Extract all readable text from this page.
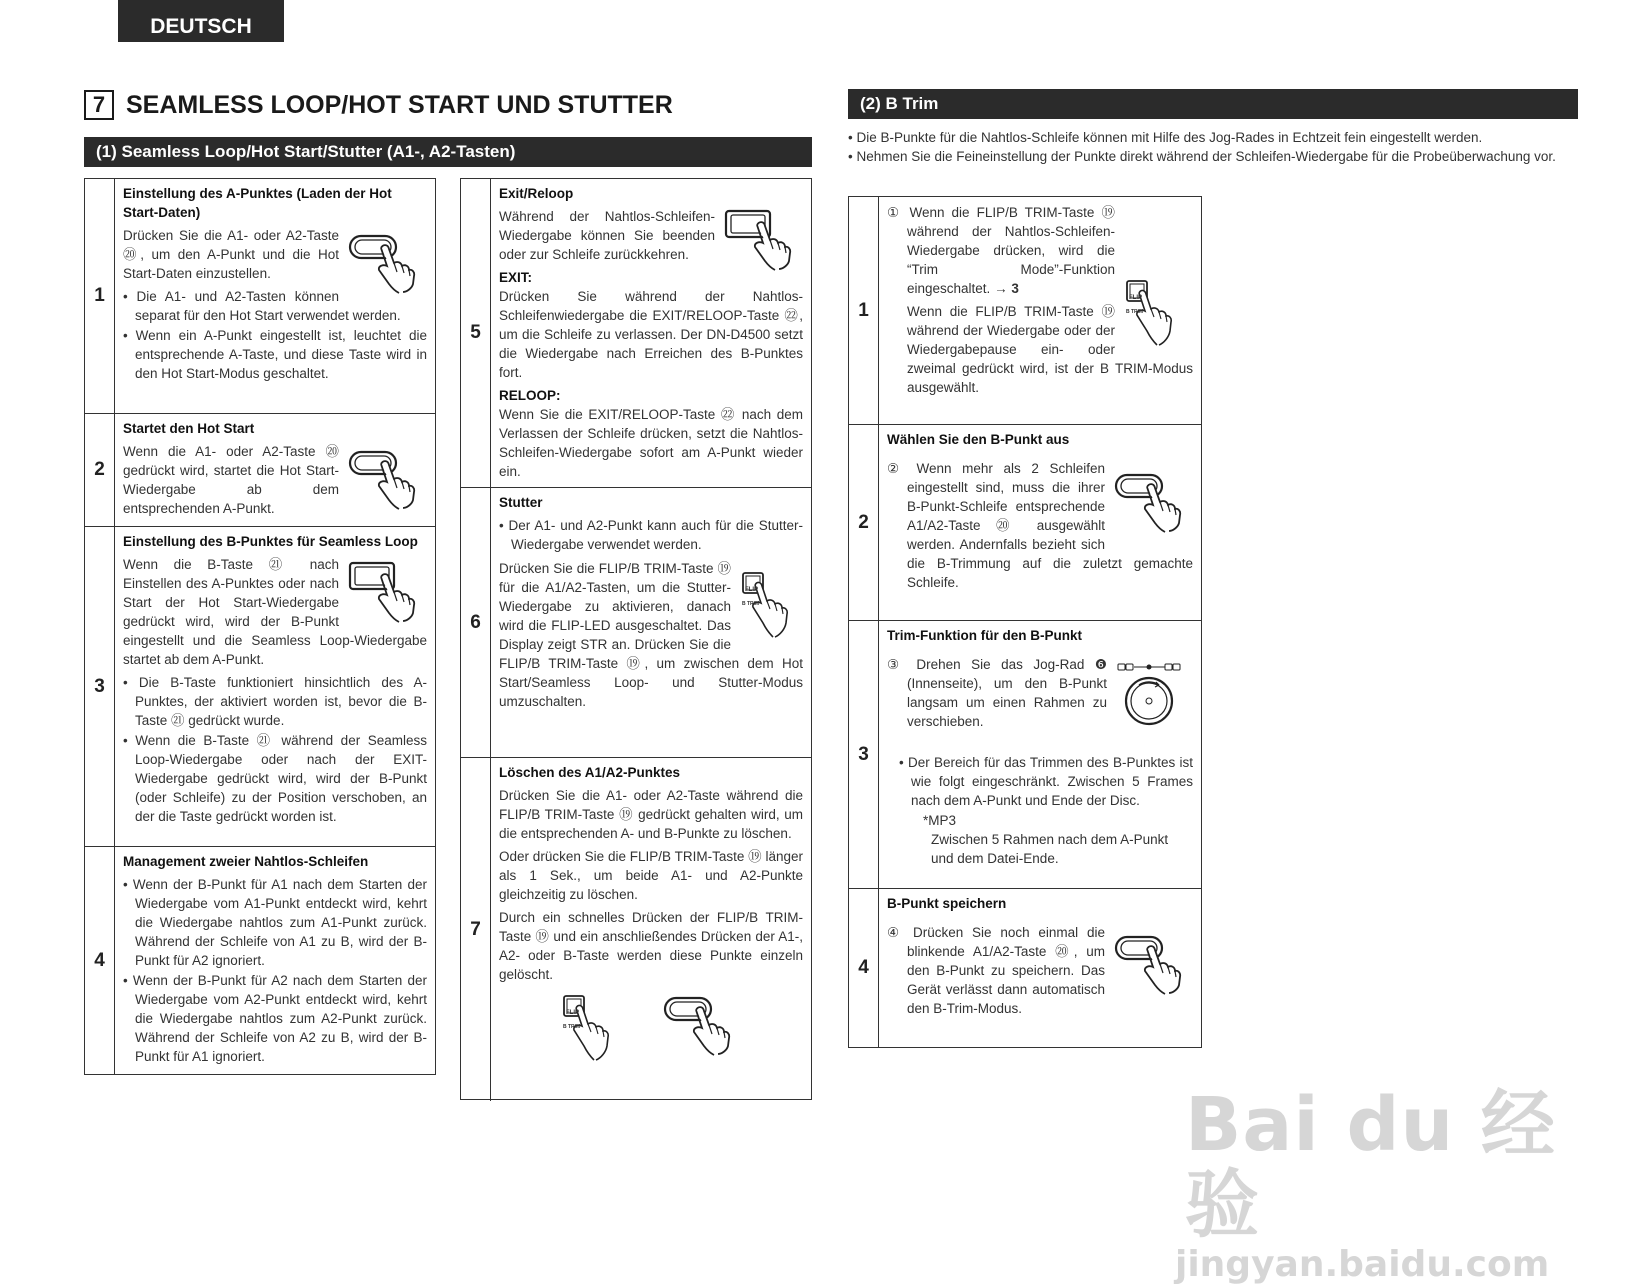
DEUTSCH
7 SEAMLESS LOOP/HOT START UND STUTTER
(1) Seamless Loop/Hot Start/Stutter (A1-, A2-Tasten)
1
Einstellung des A-Punktes (Laden der Hot Start-Daten)

Drücken Sie die A1- oder A2-Taste ⑳, um den A-Punkt und die Hot Start-Daten einzustellen.

• Die A1- und A2-Tasten können separat für den Hot Start verwendet werden.
• Wenn ein A-Punkt eingestellt ist, leuchtet die entsprechende A-Taste, und diese Taste wird in den Hot Start-Modus geschaltet.
2
Startet den Hot Start

Wenn die A1- oder A2-Taste ⑳ gedrückt wird, startet die Hot Start-Wiedergabe ab dem entsprechenden A-Punkt.

3
Einstellung des B-Punktes für Seamless Loop

Wenn die B-Taste ㉑ nach Einstellen des A-Punktes oder nach Start der Hot Start-Wiedergabe gedrückt wird, wird der B-Punkt eingestellt und die Seamless Loop-Wiedergabe startet ab dem A-Punkt.

• Die B-Taste funktioniert hinsichtlich des A-Punktes, der aktiviert worden ist, bevor die B-Taste ㉑ gedrückt wurde.
• Wenn die B-Taste ㉑ während der Seamless Loop-Wiedergabe oder nach der EXIT-Wiedergabe gedrückt wird, wird der B-Punkt (oder Schleife) zu der Position verschoben, an der die Taste gedrückt worden ist.
4
Management zweier Nahtlos-Schleifen
• Wenn der B-Punkt für A1 nach dem Starten der Wiedergabe vom A1-Punkt entdeckt wird, kehrt die Wiedergabe nahtlos zum A1-Punkt zurück. Während der Schleife von A1 zu B, wird der B-Punkt für A2 ignoriert.
• Wenn der B-Punkt für A2 nach dem Starten der Wiedergabe vom A2-Punkt entdeckt wird, kehrt die Wiedergabe nahtlos zum A2-Punkt zurück. Während der Schleife von A2 zu B, wird der B-Punkt für A1 ignoriert.
5
Exit/Reloop

Während der Nahtlos-Schleifen-Wiedergabe können Sie beenden oder zur Schleife zurückkehren.

EXIT:

Drücken Sie während der Nahtlos-Schleifenwiedergabe die EXIT/RELOOP-Taste ㉒, um die Schleife zu verlassen. Der DN-D4500 setzt die Wiedergabe nach Erreichen des B-Punktes fort.

RELOOP:

Wenn Sie die EXIT/RELOOP-Taste ㉒ nach dem Verlassen der Schleife drücken, setzt die Nahtlos-Schleifen-Wiedergabe sofort am A-Punkt wieder ein.

6
Stutter
• Der A1- und A2-Punkt kann auch für die Stutter-Wiedergabe verwendet werden.
FLIP
B TRIM

Drücken Sie die FLIP/B TRIM-Taste ⑲ für die A1/A2-Tasten, um die Stutter-Wiedergabe zu aktivieren, danach wird die FLIP-LED ausgeschaltet. Das Display zeigt STR an. Drücken Sie die FLIP/B TRIM-Taste ⑲, um zwischen dem Hot Start/Seamless Loop- und Stutter-Modus umzuschalten.

7
Löschen des A1/A2-Punktes

Drücken Sie die A1- oder A2-Taste während die FLIP/B TRIM-Taste ⑲ gedrückt gehalten wird, um die entsprechenden A- und B-Punkte zu löschen.

Oder drücken Sie die FLIP/B TRIM-Taste ⑲ länger als 1 Sek., um beide A1- und A2-Punkte gleichzeitig zu löschen.

Durch ein schnelles Drücken der FLIP/B TRIM-Taste ⑲ und ein anschließendes Drücken der A1-, A2- oder B-Taste werden diese Punkte einzeln gelöscht.

FLIP
B TRIM
(2) B Trim

• Die B-Punkte für die Nahtlos-Schleife können mit Hilfe des Jog-Rades in Echtzeit fein eingestellt werden.

• Nehmen Sie die Feineinstellung der Punkte direkt während der Schleifen-Wiedergabe für die Probeüberwachung vor.

1
FLIP
B TRIM

① Wenn die FLIP/B TRIM-Taste ⑲ während der Nahtlos-Schleifen-Wiedergabe drücken, wird die “Trim Mode”-Funktion eingeschaltet. → 3

Wenn die FLIP/B TRIM-Taste ⑲ während der Wiedergabe oder der Wiedergabepause ein- oder zweimal gedrückt wird, ist der B TRIM-Modus ausgewählt.

2
Wählen Sie den B-Punkt aus

② Wenn mehr als 2 Schleifen eingestellt sind, muss die ihrer B-Punkt-Schleife entsprechende A1/A2-Taste ⑳ ausgewählt werden. Andernfalls bezieht sich die B-Trimmung auf die zuletzt gemachte Schleife.

3
Trim-Funktion für den B-Punkt

③ Drehen Sie das Jog-Rad ❻ (Innenseite), um den B-Punkt langsam um einen Rahmen zu verschieben.

• Der Bereich für das Trimmen des B-Punktes ist wie folgt eingeschränkt. Zwischen 5 Frames nach dem A-Punkt und Ende der Disc.
*MP3
Zwischen 5 Rahmen nach dem A-Punkt und dem Datei-Ende.
4
B-Punkt speichern

④ Drücken Sie noch einmal die blinkende A1/A2-Taste ⑳, um den B-Punkt zu speichern. Das Gerät verlässt dann automatisch den B-Trim-Modus.

Bai du 经验
jingyan.baidu.com
